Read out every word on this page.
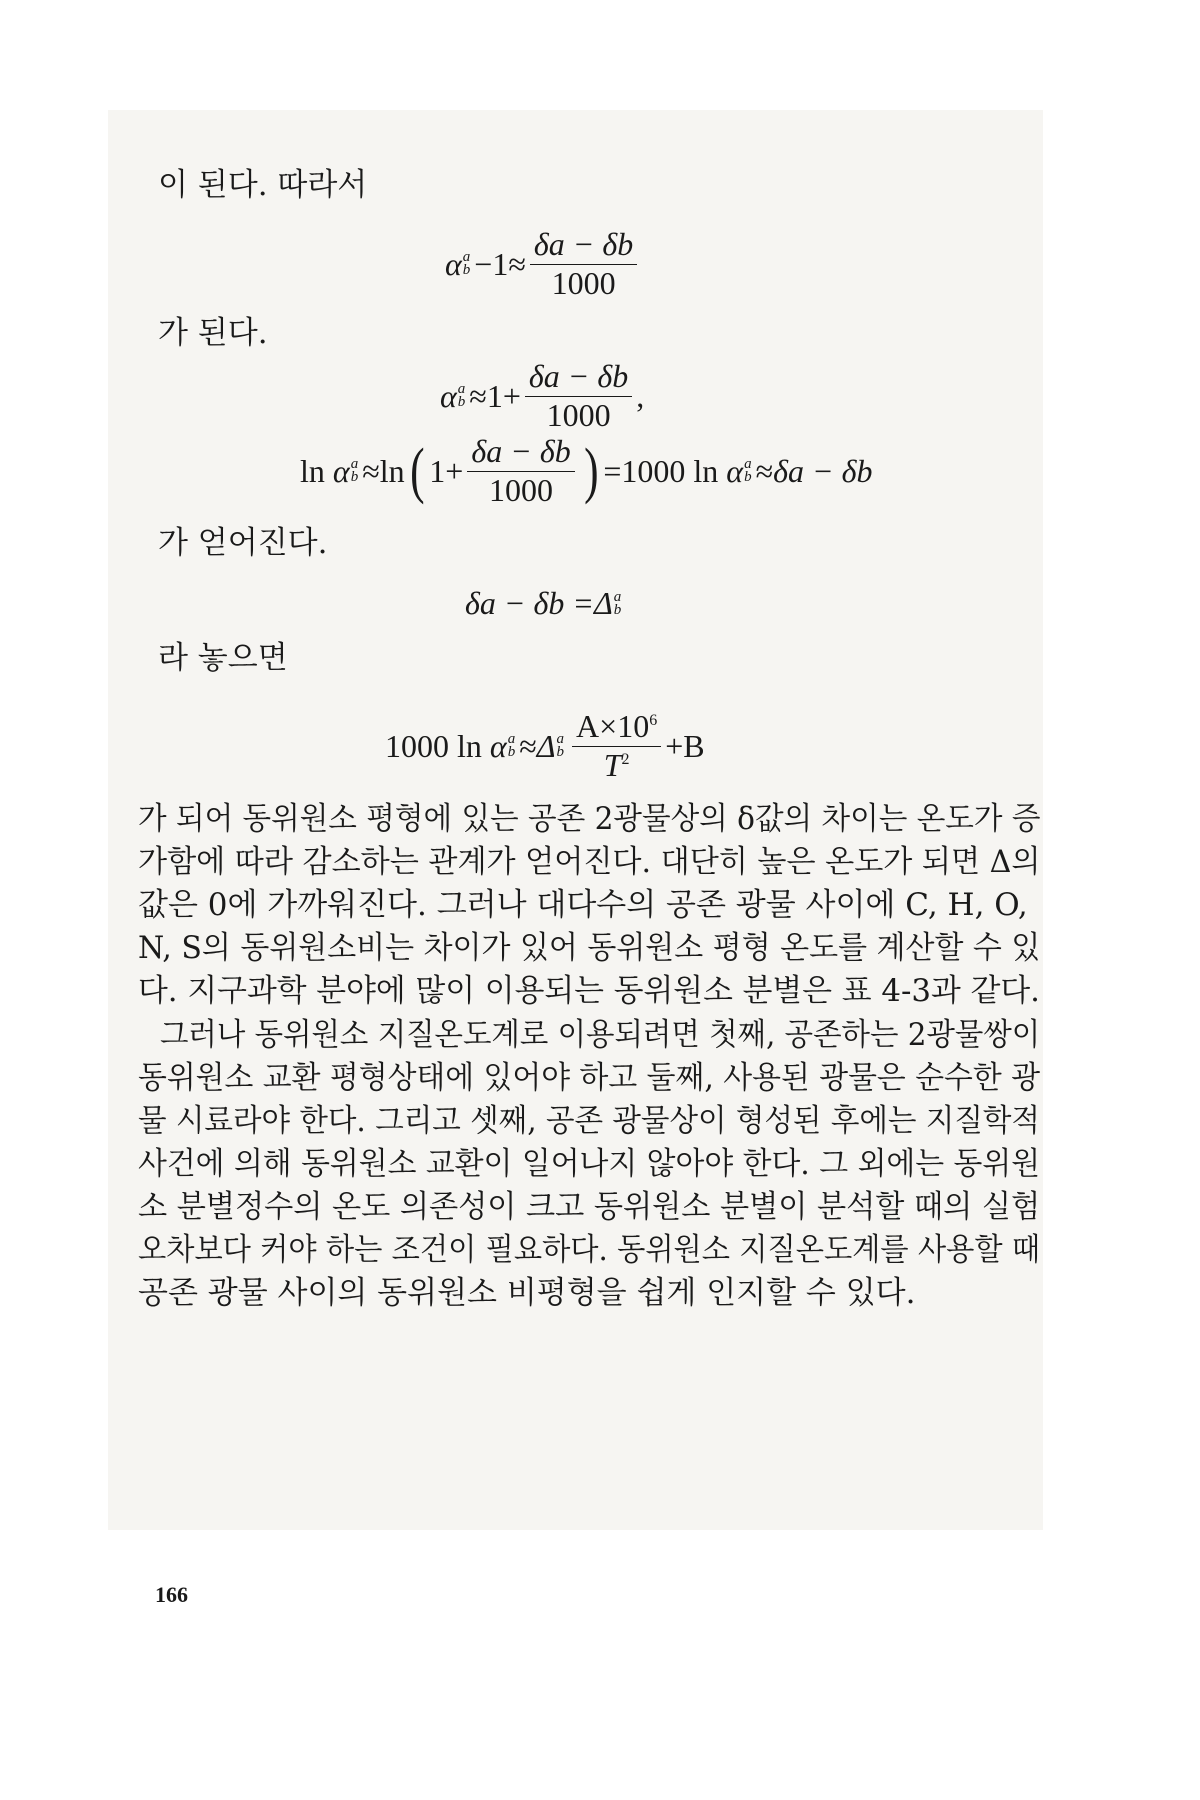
이 된다. 따라서
α a
$b -1\approx \frac{\delta a - \delta b}{1000}$
가 된다.
α a
$b \approx 1+ \frac{\delta a - \delta b}{1000}$ ,
ln
α a
b ≈ln ( $1+ \frac{\delta a - \delta b}{1000}$ ) =1000 ln
α a
b ≈ δa − δb
가 얻어진다.
δa − δb = Δ a
b
라 놓으면
1000 ln
α a
b ≈ Δ a
b $\frac{A\times 10^6}{T^2} +B$
가 되어 동위원소 평형에 있는 공존 2광물상의 δ값의 차이는 온도가 증
가함에 따라 감소하는 관계가 얻어진다. 대단히 높은 온도가 되면 Δ의
값은 0에 가까워진다. 그러나 대다수의 공존 광물 사이에 C, H, O,
N, S의 동위원소비는 차이가 있어 동위원소 평형 온도를 계산할 수 있
다. 지구과학 분야에 많이 이용되는 동위원소 분별은 표 4-3과 같다.
그러나 동위원소 지질온도계로 이용되려면 첫째, 공존하는 2광물쌍이
동위원소 교환 평형상태에 있어야 하고 둘째, 사용된 광물은 순수한 광
물 시료라야 한다. 그리고 셋째, 공존 광물상이 형성된 후에는 지질학적
사건에 의해 동위원소 교환이 일어나지 않아야 한다. 그 외에는 동위원
소 분별정수의 온도 의존성이 크고 동위원소 분별이 분석할 때의 실험
오차보다 커야 하는 조건이 필요하다. 동위원소 지질온도계를 사용할 때
공존 광물 사이의 동위원소 비평형을 쉽게 인지할 수 있다.
166
